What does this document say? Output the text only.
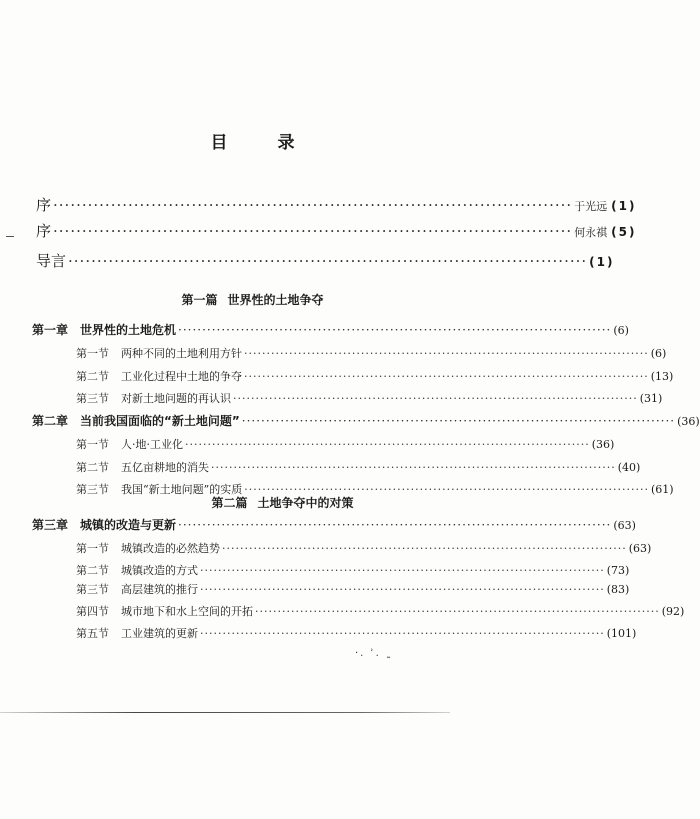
目 录
序 ·························································································· 于光远 (1)
序 ·························································································· 何永祺 (5)
导言 ·························································································· (1)
第一篇 世界性的土地争夺
第一章 世界性的土地危机 ·························································································· (6)
第一节 两种不同的土地利用方针 ·························································································· (6)
第二节 工业化过程中土地的争夺 ·························································································· (13)
第三节 对新土地问题的再认识 ·························································································· (31)
第二章 当前我国面临的“新土地问题” ·························································································· (36)
第一节 人·地·工业化 ·························································································· (36)
第二节 五亿亩耕地的消失 ·························································································· (40)
第三节 我国“新土地问题”的实质 ·························································································· (61)
第二篇 土地争夺中的对策
第三章 城镇的改造与更新 ·························································································· (63)
第一节 城镇改造的必然趋势 ·························································································· (63)
第二节 城镇改造的方式 ·························································································· (73)
第三节 高层建筑的推行 ·························································································· (83)
第四节 城市地下和水上空间的开拓 ·························································································· (92)
第五节 工业建筑的更新 ·························································································· (101)
·. ʾ. ˷
